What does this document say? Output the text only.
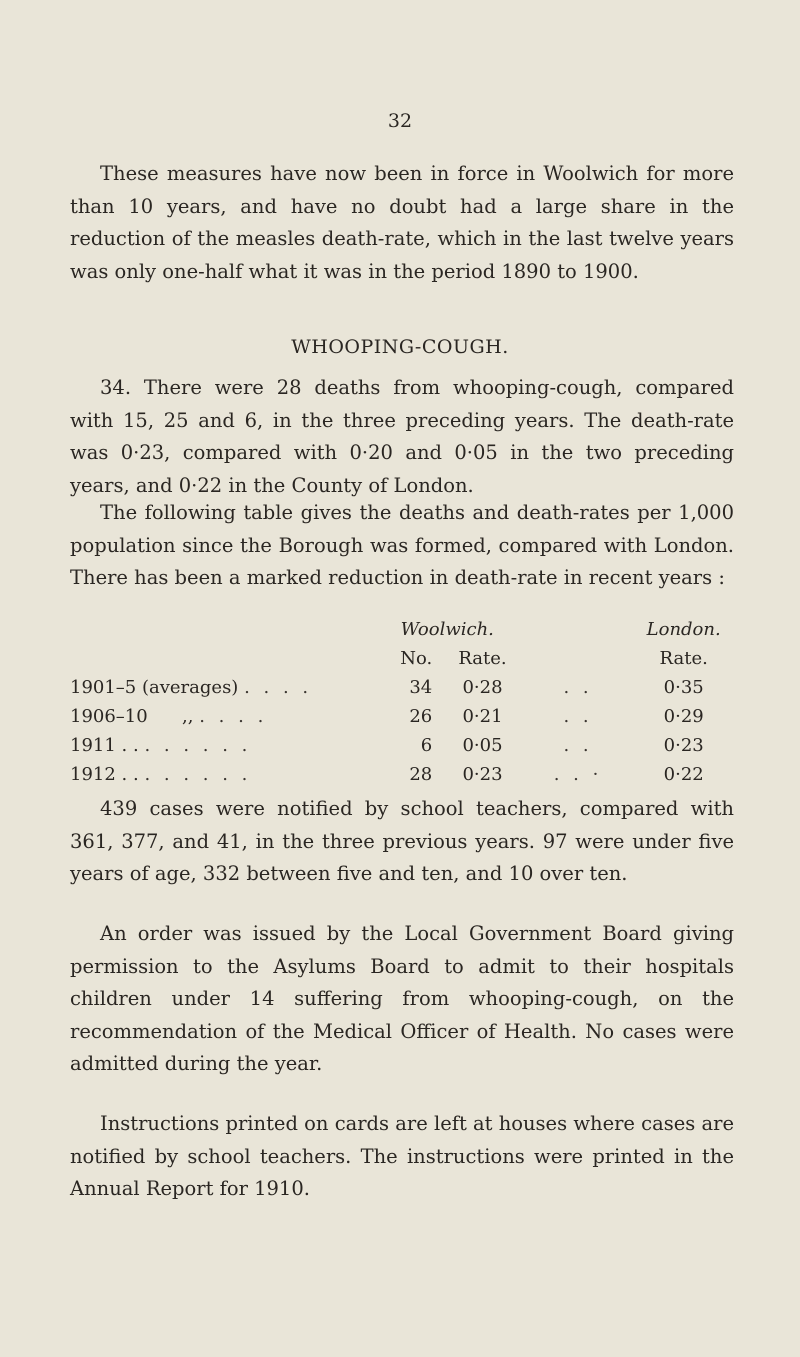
32

These measures have now been in force in Woolwich for more than 10 years, and have no doubt had a large share in the reduction of the measles death-rate, which in the last twelve years was only one-half what it was in the period 1890 to 1900.

WHOOPING-COUGH.

34. There were 28 deaths from whooping-cough, compared with 15, 25 and 6, in the three preceding years. The death-rate was 0·23, compared with 0·20 and 0·05 in the two preceding years, and 0·22 in the County of London.

The following table gives the deaths and death-rates per 1,000 population since the Borough was formed, compared with London. There has been a marked reduction in death-rate in recent years :

	Woolwich.			London.
	No.	Rate.		Rate.
1901–5 (averages) . . . .	34	0·28	. .	0·35
1906–10      ,, . . . .	26	0·21	. .	0·29
1911 . . . . . . . .	6	0·05	. .	0·23
1912 . . . . . . . .	28	0·23	. . ·	0·22

439 cases were notified by school teachers, compared with 361, 377, and 41, in the three previous years. 97 were under five years of age, 332 between five and ten, and 10 over ten.

An order was issued by the Local Government Board giving permission to the Asylums Board to admit to their hospitals children under 14 suffering from whooping-cough, on the recommendation of the Medical Officer of Health. No cases were admitted during the year.

Instructions printed on cards are left at houses where cases are notified by school teachers. The instructions were printed in the Annual Report for 1910.
